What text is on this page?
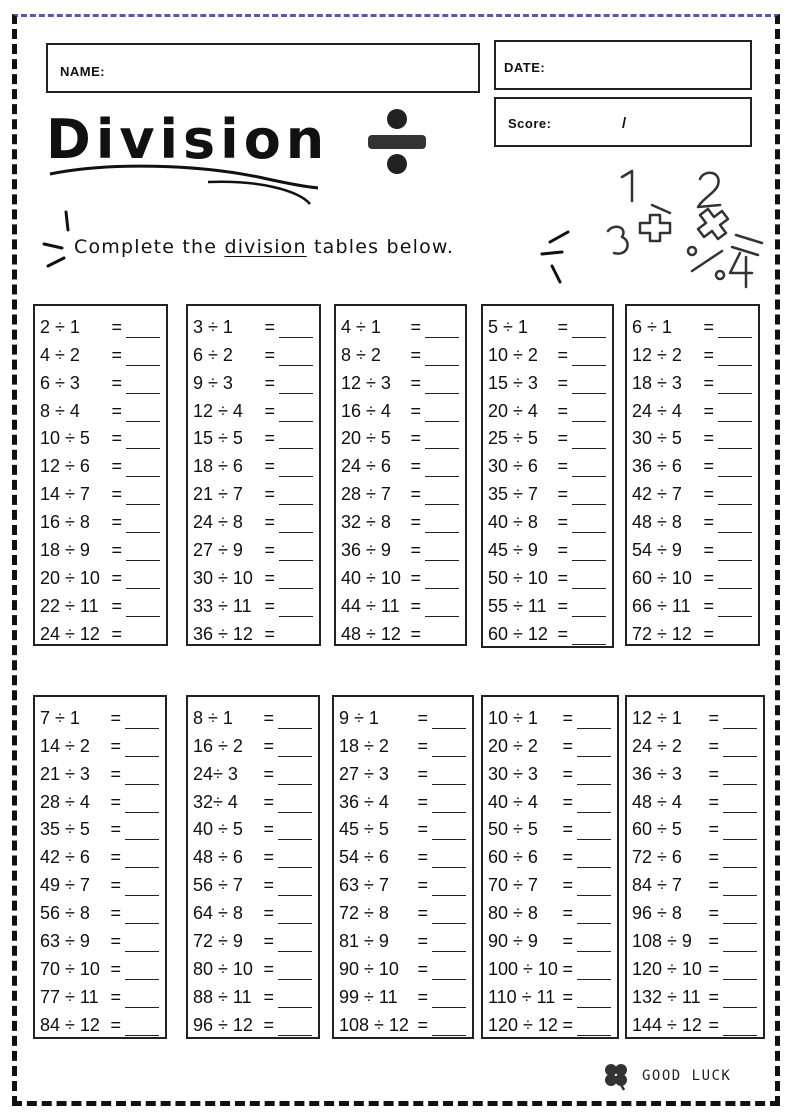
NAME:	DATE:
Score:	/
Division
Complete the division tables below.
2 ÷ 1 =
4 ÷ 2 =
6 ÷ 3 =
8 ÷ 4 =
10 ÷ 5 =
12 ÷ 6 =
14 ÷ 7 =
16 ÷ 8 =
18 ÷ 9 =
20 ÷ 10 =
22 ÷ 11 =
24 ÷ 12 =
3 ÷ 1 =
6 ÷ 2 =
9 ÷ 3 =
12 ÷ 4 =
15 ÷ 5 =
18 ÷ 6 =
21 ÷ 7 =
24 ÷ 8 =
27 ÷ 9 =
30 ÷ 10 =
33 ÷ 11 =
36 ÷ 12 =
4 ÷ 1 =
8 ÷ 2 =
12 ÷ 3 =
16 ÷ 4 =
20 ÷ 5 =
24 ÷ 6 =
28 ÷ 7 =
32 ÷ 8 =
36 ÷ 9 =
40 ÷ 10 =
44 ÷ 11 =
48 ÷ 12 =
5 ÷ 1 =
10 ÷ 2 =
15 ÷ 3 =
20 ÷ 4 =
25 ÷ 5 =
30 ÷ 6 =
35 ÷ 7 =
40 ÷ 8 =
45 ÷ 9 =
50 ÷ 10 =
55 ÷ 11 =
60 ÷ 12 =
6 ÷ 1 =
12 ÷ 2 =
18 ÷ 3 =
24 ÷ 4 =
30 ÷ 5 =
36 ÷ 6 =
42 ÷ 7 =
48 ÷ 8 =
54 ÷ 9 =
60 ÷ 10 =
66 ÷ 11 =
72 ÷ 12 =
7 ÷ 1 =
14 ÷ 2 =
21 ÷ 3 =
28 ÷ 4 =
35 ÷ 5 =
42 ÷ 6 =
49 ÷ 7 =
56 ÷ 8 =
63 ÷ 9 =
70 ÷ 10 =
77 ÷ 11 =
84 ÷ 12 =
8 ÷ 1 =
16 ÷ 2 =
24÷ 3 =
32÷ 4 =
40 ÷ 5 =
48 ÷ 6 =
56 ÷ 7 =
64 ÷ 8 =
72 ÷ 9 =
80 ÷ 10 =
88 ÷ 11 =
96 ÷ 12 =
9 ÷ 1 =
18 ÷ 2 =
27 ÷ 3 =
36 ÷ 4 =
45 ÷ 5 =
54 ÷ 6 =
63 ÷ 7 =
72 ÷ 8 =
81 ÷ 9 =
90 ÷ 10 =
99 ÷ 11 =
108 ÷ 12 =
10 ÷ 1 =
20 ÷ 2 =
30 ÷ 3 =
40 ÷ 4 =
50 ÷ 5 =
60 ÷ 6 =
70 ÷ 7 =
80 ÷ 8 =
90 ÷ 9 =
100 ÷ 10 =
110 ÷ 11 =
120 ÷ 12 =
12 ÷ 1 =
24 ÷ 2 =
36 ÷ 3 =
48 ÷ 4 =
60 ÷ 5 =
72 ÷ 6 =
84 ÷ 7 =
96 ÷ 8 =
108 ÷ 9 =
120 ÷ 10 =
132 ÷ 11 =
144 ÷ 12 =
GOOD LUCK
